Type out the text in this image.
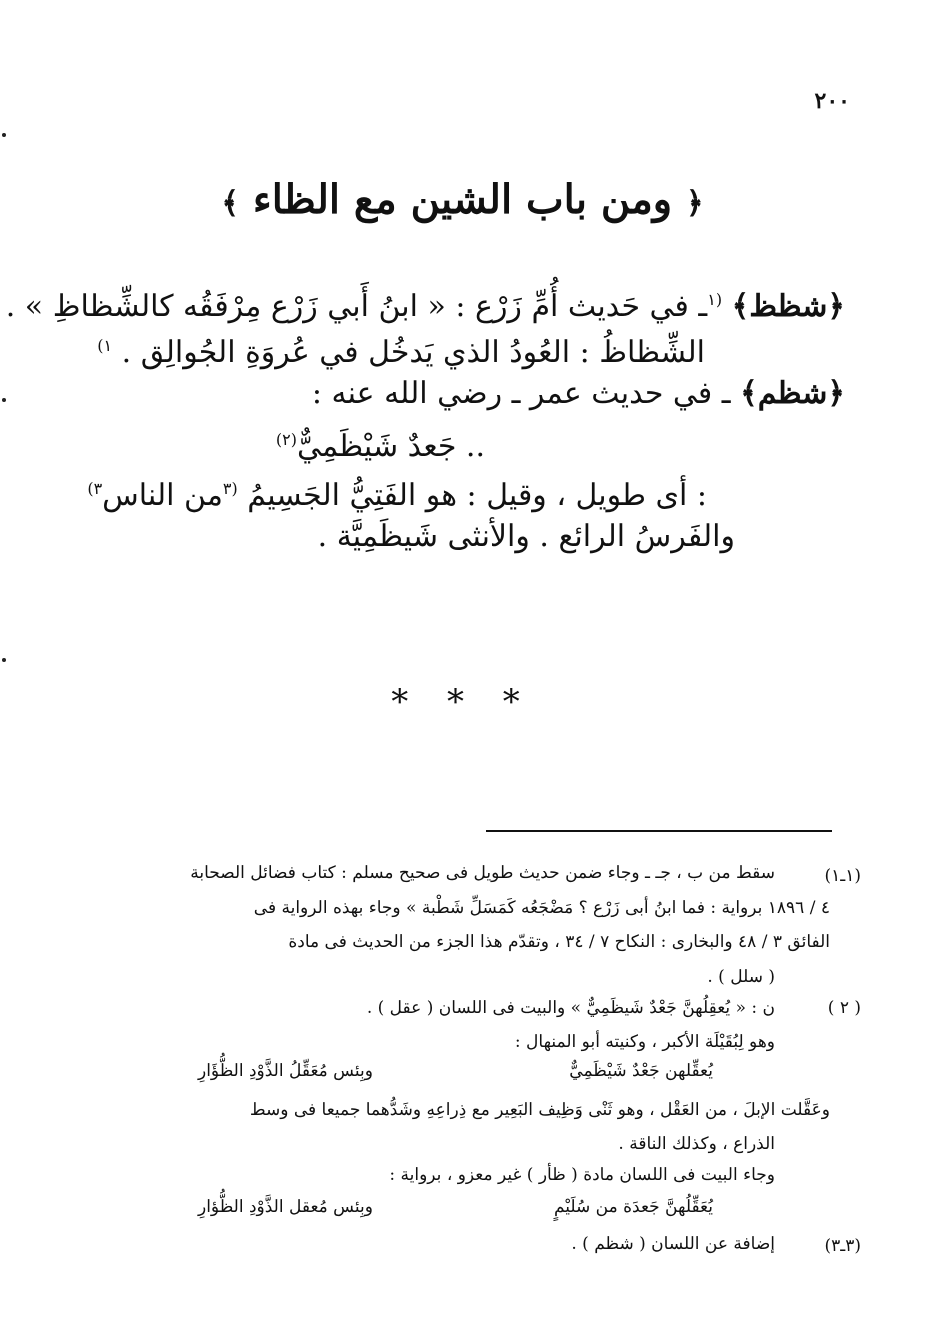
٢٠٠
﴿ ومن باب الشين مع الظاء ﴾
﴿شظظ﴾ $^{(١}$ـ في حَديث أُمِّ زَرْع : « ابنُ أَبي زَرْع مِرْفَقُه كالشِّظاظِ » .
الشِّظاظُ : العُودُ الذي يَدخُل في عُروَةِ الجُوالِق . $^{١)}$
﴿شظم﴾ ـ في حديث عمر ـ رضي الله عنه :
.. جَعدٌ شَيْظَمِيٌّ$^{(٢)}$
: أى طويل ، وقيل : هو الفَتِيُّ الجَسِيمُ $^{(٣}$من الناس$^{٣)}$
والفَرسُ الرائع . والأنثى شَيظَمِيَّة .
* * *
(١ـ١)
سقط من ب ، جـ ـ وجاء ضمن حديث طويل فى صحيح مسلم : كتاب فضائل الصحابة
٤ / ١٨٩٦ برواية : فما ابنُ أبى زَرْع ؟ مَضْجَعُه كَمَسَلِّ شَطْبة » وجاء بهذه الرواية فى
الفائق ٣ / ٤٨ والبخارى : النكاح ٧ / ٣٤ ، وتقدّم هذا الجزء من الحديث فى مادة
( سلل ) .
( ٢ )
ن : « يُعقِلُهنَّ جَعْدٌ شَيظَمِيٌّ » والبيت فى اللسان ( عقل ) .
وهو لِبُقَيْلَة الأكبر ، وكنيته أبو المنهال :
يُعقِّلهن جَعْدٌ شَيْظَمِيٌّ
وبِئس مُعَقِّلُ الذَّوْدِ الظُّؤَارِ
وعَقَّلت الإبلَ ، من العَقْل ، وهو ثَنْى وَظِيف البَعِير مع ذِراعِهِ وشَدُّهما جميعا فى وسط
الذراع ، وكذلك الناقة .
وجاء البيت فى اللسان مادة ( ظأر ) غير معزو ، برواية :
يُعَقِّلُهنَّ جَعدَة من سُلَيْمٍ
وبِئس مُعقل الذَّوْدِ الظُّؤارِ
(٣ـ٣)
إضافة عن اللسان ( شظم ) .
